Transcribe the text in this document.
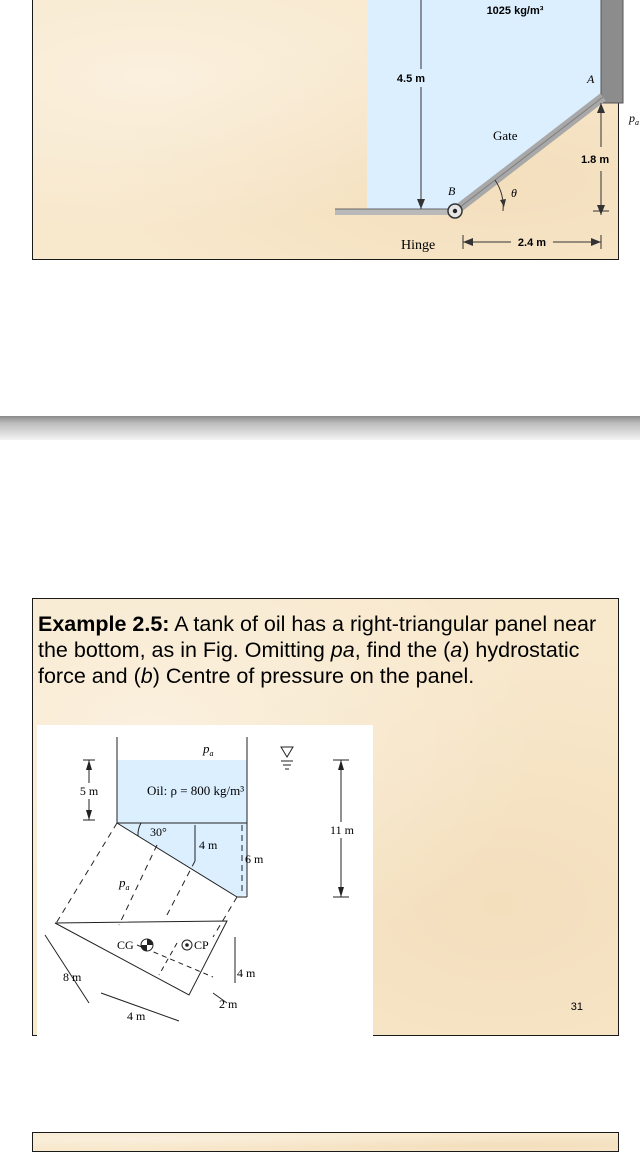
4.5 m
1025 kg/m³
A
$p_a$
Gate
1.8 m
B	θ
Hinge	2.4 m
Example 2.5: A tank of oil has a right-triangular panel near the bottom, as in Fig. Omitting pa, find the (a) hydrostatic force and (b) Centre of pressure on the panel.
$p_a$
5 m	Oil: ρ = 800 kg/m³
11 m
30°
4 m
6 m
$p_a$
CG	CP
8 m	4 m
2 m
4 m
31
